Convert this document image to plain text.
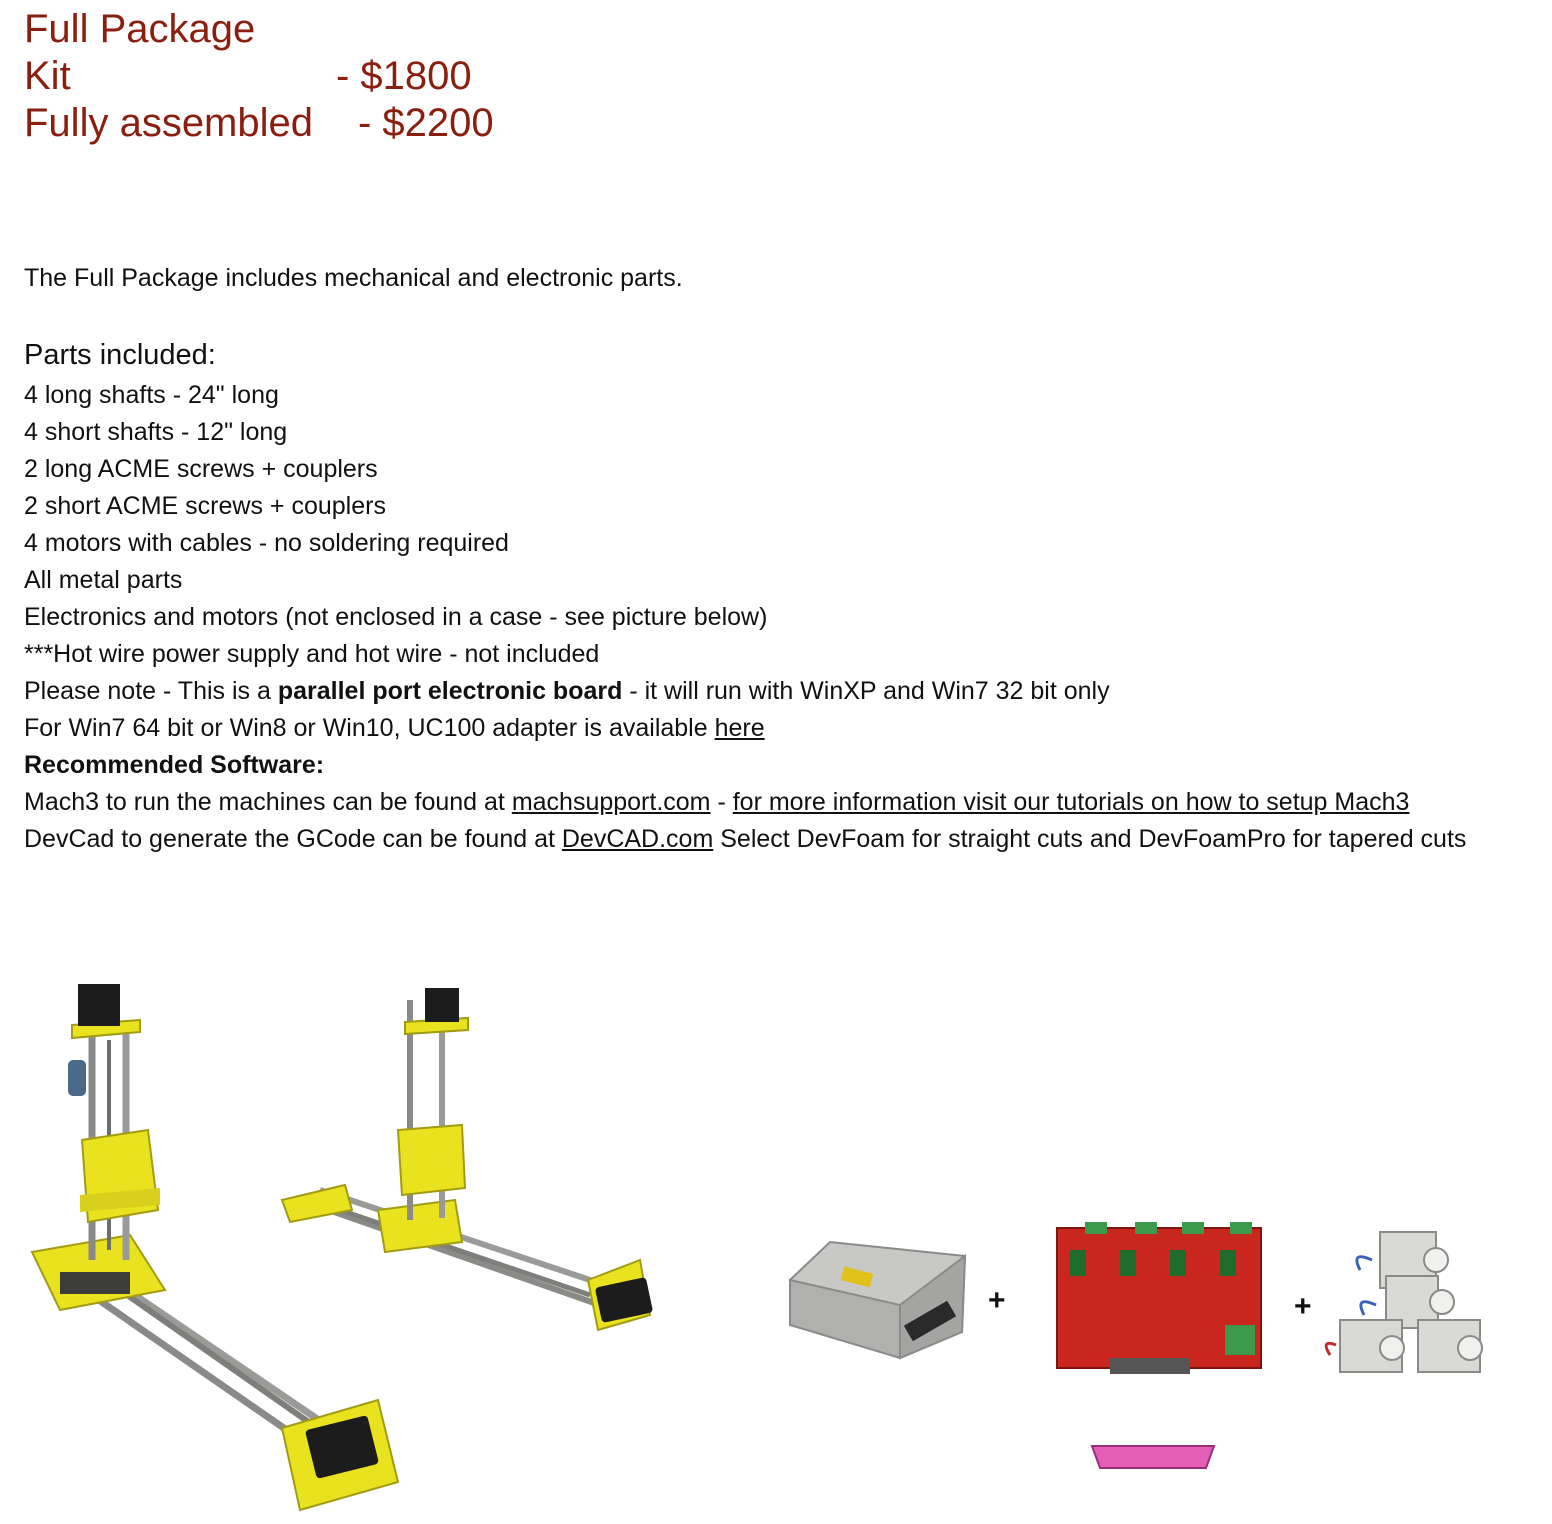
Full Package
Kit	- $1800
Fully assembled	- $2200
The Full Package includes mechanical and electronic parts.
Parts included:
4 long shafts - 24" long
4 short shafts - 12" long
2 long ACME screws + couplers
2 short ACME screws + couplers
4 motors with cables - no soldering required
All metal parts
Electronics and motors (not enclosed in a case - see picture below)
***Hot wire power supply and hot wire - not included
Please note - This is a parallel port electronic board - it will run with WinXP and Win7 32 bit only
For Win7 64 bit or Win8 or Win10, UC100 adapter is available here
Recommended Software:
Mach3 to run the machines can be found at machsupport.com - for more information visit our tutorials on how to setup Mach3
DevCad to generate the GCode can be found at DevCAD.com Select DevFoam for straight cuts and DevFoamPro for tapered cuts
+	+
